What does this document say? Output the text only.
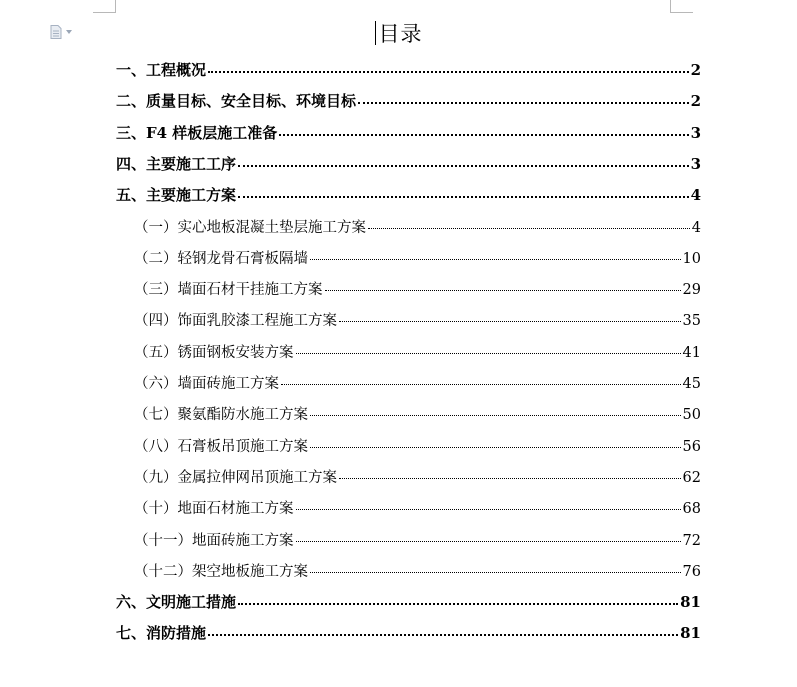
目录
一、工程概况	2
二、质量目标、安全目标、环境目标	2
三、F4 样板层施工准备	3
四、主要施工工序	3
五、主要施工方案	4
（一）实心地板混凝土垫层施工方案	4
（二）轻钢龙骨石膏板隔墙	10
（三）墙面石材干挂施工方案	29
（四）饰面乳胶漆工程施工方案	35
（五）锈面钢板安装方案	41
（六）墙面砖施工方案	45
（七）聚氨酯防水施工方案	50
（八）石膏板吊顶施工方案	56
（九）金属拉伸网吊顶施工方案	62
（十）地面石材施工方案	68
（十一）地面砖施工方案	72
（十二）架空地板施工方案	76
六、文明施工措施	81
七、消防措施	81
